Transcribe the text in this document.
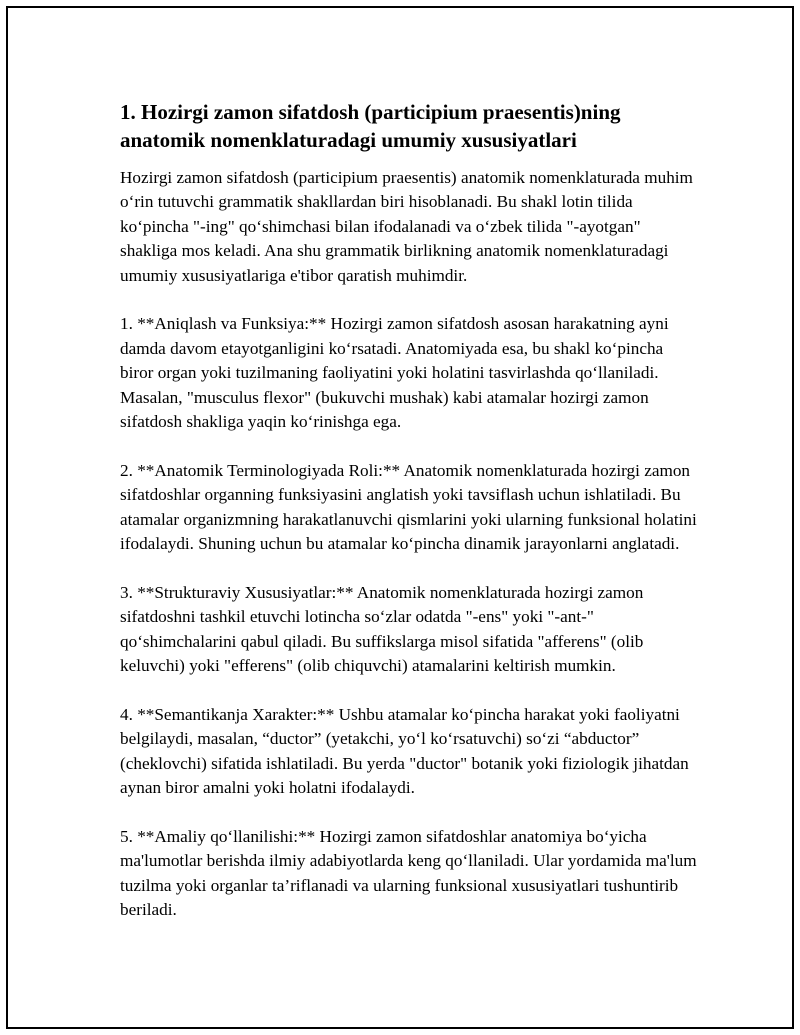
1. Hozirgi zamon sifatdosh (participium praesentis)ning anatomik nomenklaturadagi umumiy xususiyatlari

Hozirgi zamon sifatdosh (participium praesentis) anatomik nomenklaturada muhim o‘rin tutuvchi grammatik shakllardan biri hisoblanadi. Bu shakl lotin tilida ko‘pincha "-ing" qo‘shimchasi bilan ifodalanadi va o‘zbek tilida "-ayotgan" shakliga mos keladi. Ana shu grammatik birlikning anatomik nomenklaturadagi umumiy xususiyatlariga e'tibor qaratish muhimdir.

1. **Aniqlash va Funksiya:** Hozirgi zamon sifatdosh asosan harakatning ayni damda davom etayotganligini ko‘rsatadi. Anatomiyada esa, bu shakl ko‘pincha biror organ yoki tuzilmaning faoliyatini yoki holatini tasvirlashda qo‘llaniladi. Masalan, "musculus flexor" (bukuvchi mushak) kabi atamalar hozirgi zamon sifatdosh shakliga yaqin ko‘rinishga ega.

2. **Anatomik Terminologiyada Roli:** Anatomik nomenklaturada hozirgi zamon sifatdoshlar organning funksiyasini anglatish yoki tavsiflash uchun ishlatiladi. Bu atamalar organizmning harakatlanuvchi qismlarini yoki ularning funksional holatini ifodalaydi. Shuning uchun bu atamalar ko‘pincha dinamik jarayonlarni anglatadi.

3. **Strukturaviy Xususiyatlar:** Anatomik nomenklaturada hozirgi zamon sifatdoshni tashkil etuvchi lotincha so‘zlar odatda "-ens" yoki "-ant-" qo‘shimchalarini qabul qiladi. Bu suffikslarga misol sifatida "afferens" (olib keluvchi) yoki "efferens" (olib chiquvchi) atamalarini keltirish mumkin.

4. **Semantikanja Xarakter:** Ushbu atamalar ko‘pincha harakat yoki faoliyatni belgilaydi, masalan, “ductor” (yetakchi, yo‘l ko‘rsatuvchi) so‘zi “abductor” (cheklovchi) sifatida ishlatiladi. Bu yerda "ductor" botanik yoki fiziologik jihatdan aynan biror amalni yoki holatni ifodalaydi.

5. **Amaliy qo‘llanilishi:** Hozirgi zamon sifatdoshlar anatomiya bo‘yicha ma'lumotlar berishda ilmiy adabiyotlarda keng qo‘llaniladi. Ular yordamida ma'lum tuzilma yoki organlar ta’riflanadi va ularning funksional xususiyatlari tushuntirib beriladi.
